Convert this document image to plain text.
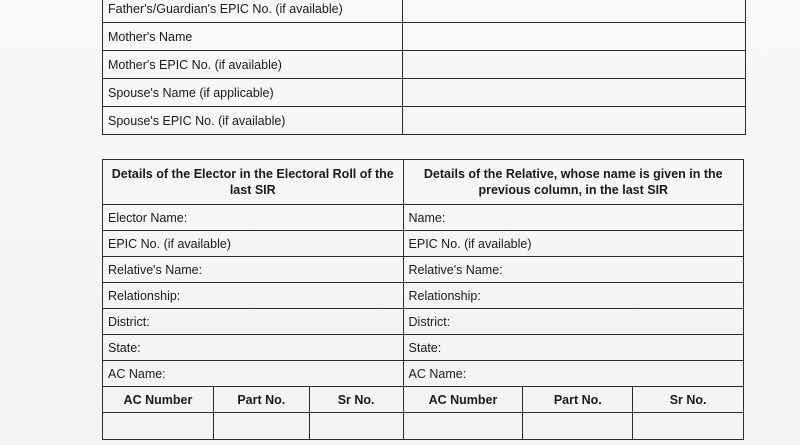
Father's/Guardian's EPIC No. (if available)	
Mother's Name	
Mother's EPIC No. (if available)	
Spouse's Name (if applicable)	
Spouse's EPIC No. (if available)	
Details of the Elector in the Electoral Roll of the last SIR			Details of the Relative, whose name is given in the previous column, in the last SIR		
Elector Name:			Name:		
EPIC No. (if available)			EPIC No. (if available)		
Relative's Name:			Relative's Name:		
Relationship:			Relationship:		
District:			District:		
State:			State:		
AC Name:			AC Name:		
AC Number	Part No.	Sr No.	AC Number	Part No.	Sr No.
